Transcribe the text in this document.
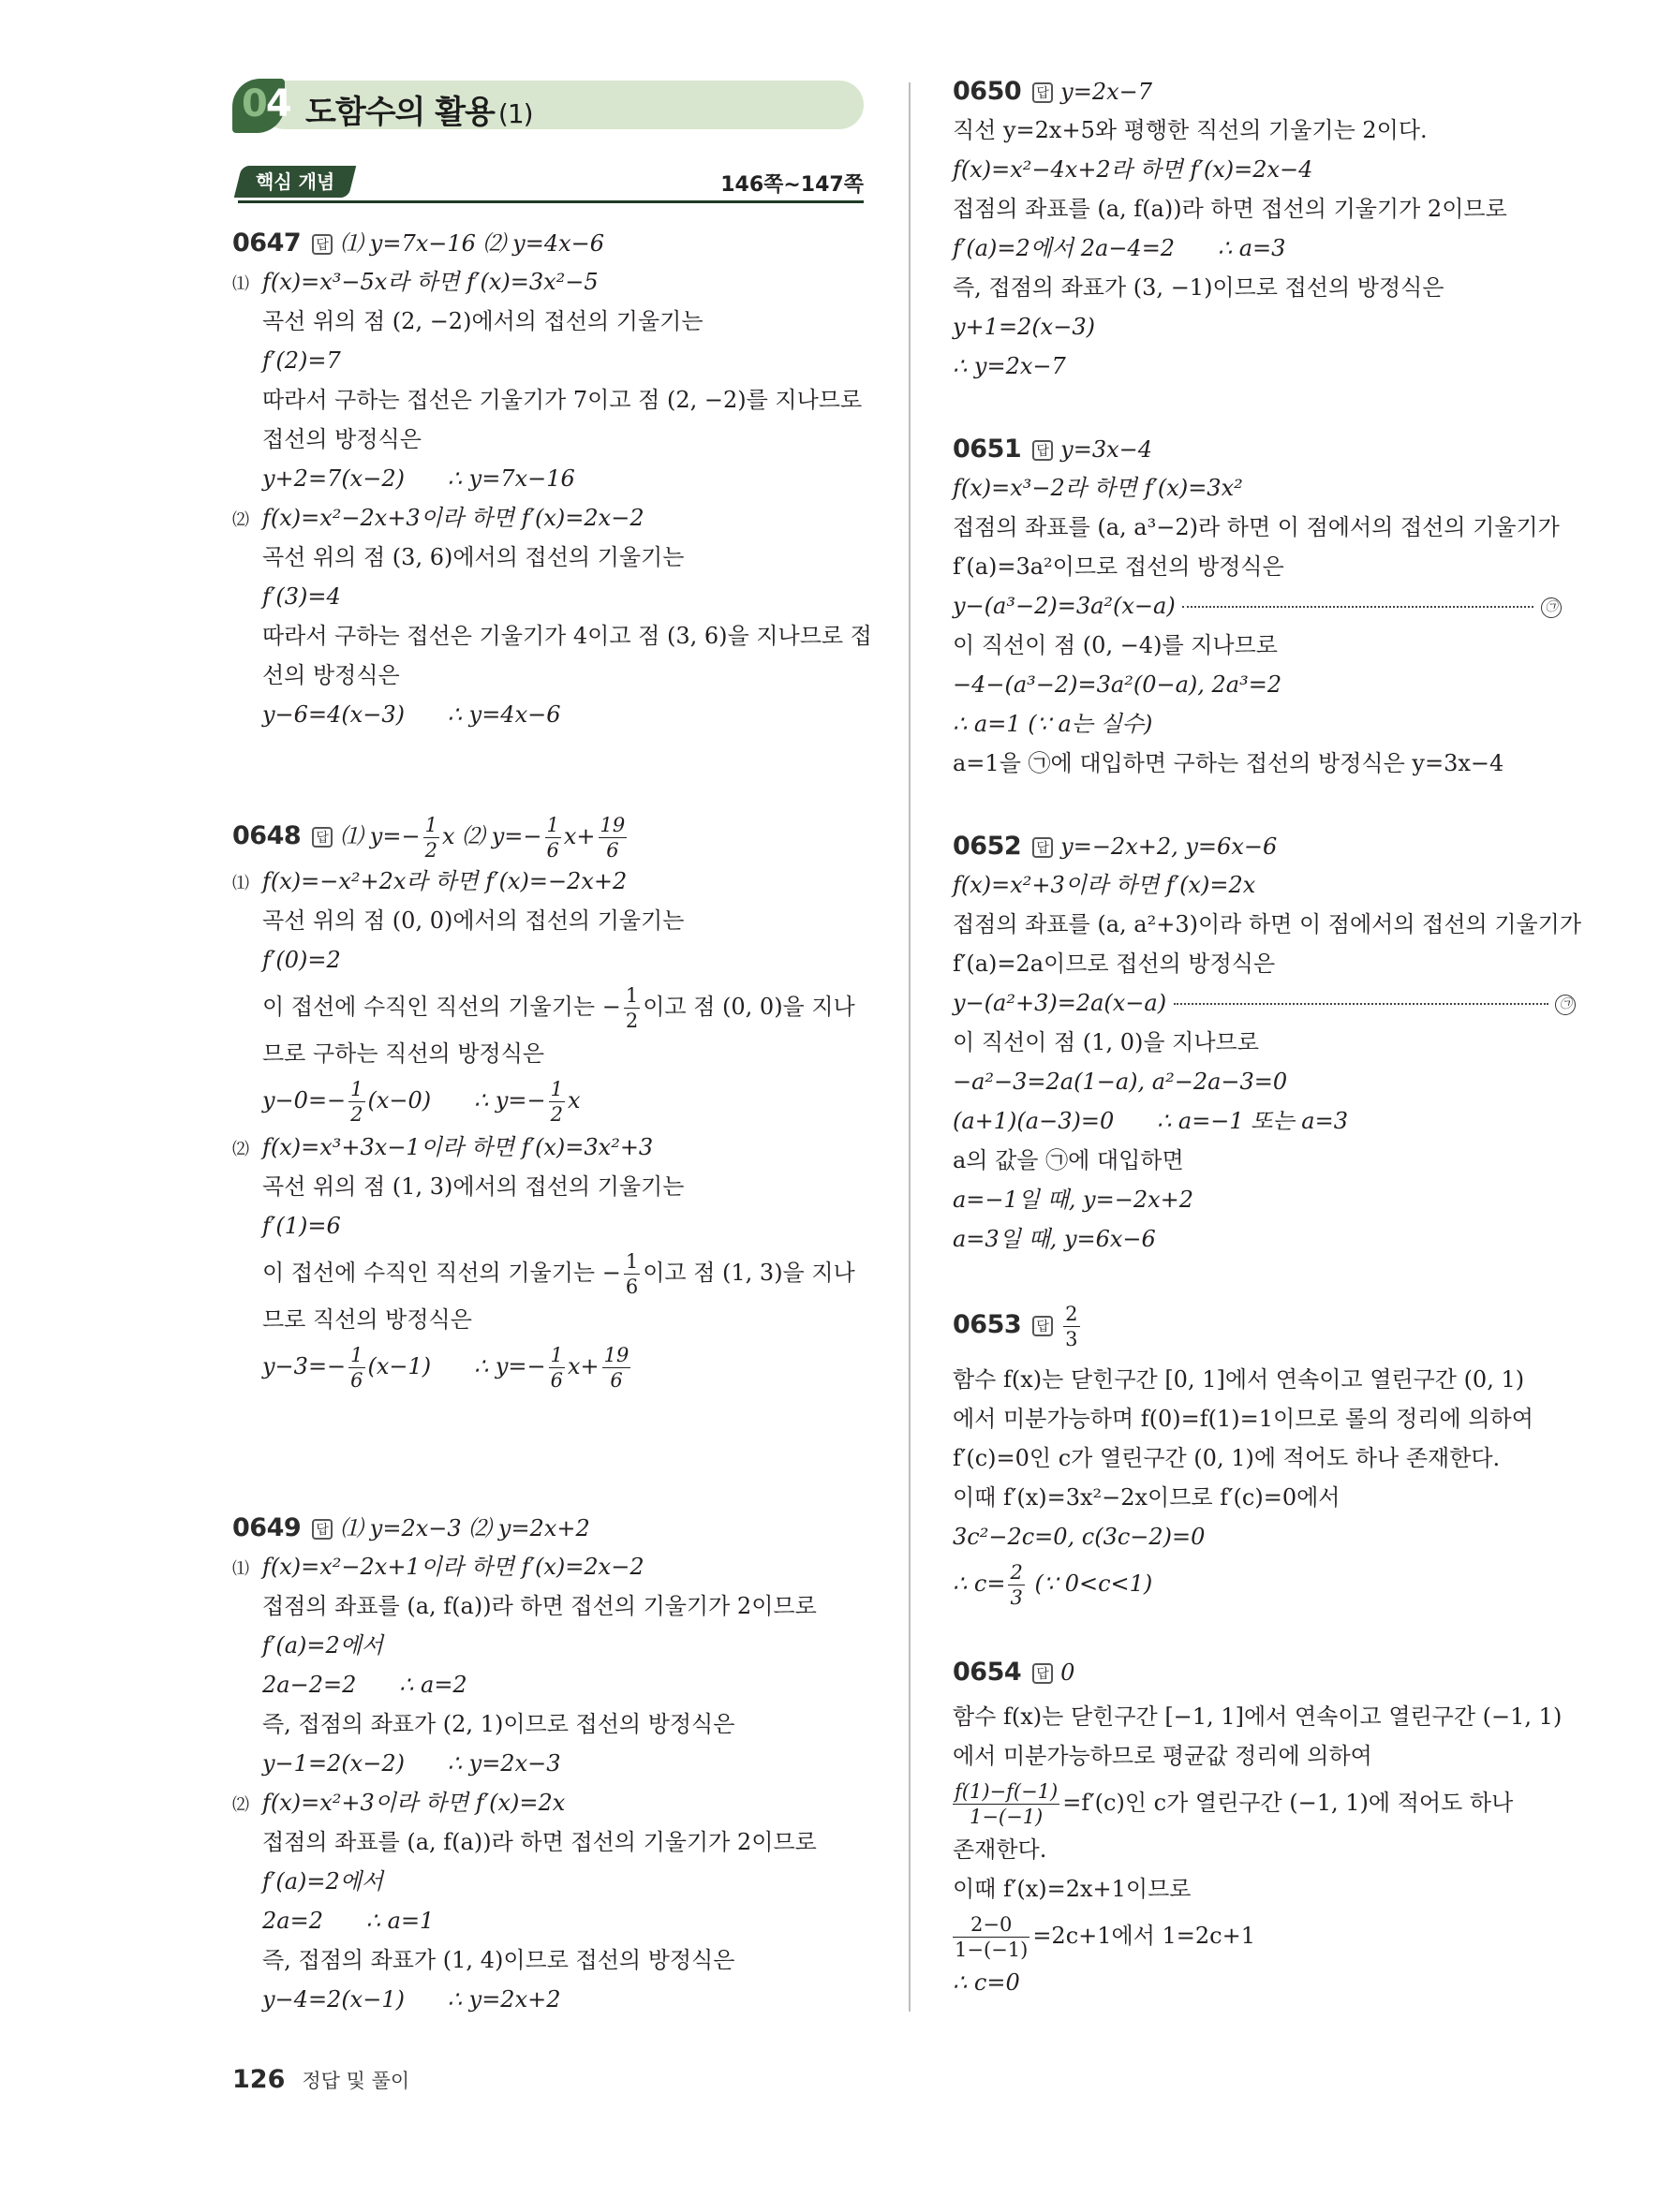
04 도함수의 활용 (1)
핵심 개념	146쪽∼147쪽
0647 답 ⑴ y=7x−16 ⑵ y=4x−6
⑴ f(x)=x³−5x라 하면 f′(x)=3x²−5
곡선 위의 점 (2, −2)에서의 접선의 기울기는
f′(2)=7
따라서 구하는 접선은 기울기가 7이고 점 (2, −2)를 지나므로
접선의 방정식은
y+2=7(x−2)      ∴ y=7x−16
⑵ f(x)=x²−2x+3이라 하면 f′(x)=2x−2
곡선 위의 점 (3, 6)에서의 접선의 기울기는
f′(3)=4
따라서 구하는 접선은 기울기가 4이고 점 (3, 6)을 지나므로 접
선의 방정식은
y−6=4(x−3)      ∴ y=4x−6
0648 답 ⑴ $y=- \frac{1}{2}$ x ⑵ $y=- \frac{1}{6} x+ \frac{19}{6}$
⑴ f(x)=−x²+2x라 하면 f′(x)=−2x+2
곡선 위의 점 (0, 0)에서의 접선의 기울기는
f′(0)=2
이 접선에 수직인 직선의 기울기는 − $\frac{1}{2}$ 이고 점 (0, 0)을 지나
므로 구하는 직선의 방정식은
$y-0=- \frac{1}{2} (x-0)$      ∴ $y=- \frac{1}{2}$ x
⑵ f(x)=x³+3x−1이라 하면 f′(x)=3x²+3
곡선 위의 점 (1, 3)에서의 접선의 기울기는
f′(1)=6
이 접선에 수직인 직선의 기울기는 − $\frac{1}{6}$ 이고 점 (1, 3)을 지나
므로 직선의 방정식은
$y-3=- \frac{1}{6} (x-1)$      ∴ $y=- \frac{1}{6} x+ \frac{19}{6}$
0649 답 ⑴ y=2x−3 ⑵ y=2x+2
⑴ f(x)=x²−2x+1이라 하면 f′(x)=2x−2
접점의 좌표를 (a, f(a))라 하면 접선의 기울기가 2이므로
f′(a)=2에서
2a−2=2      ∴ a=2
즉, 접점의 좌표가 (2, 1)이므로 접선의 방정식은
y−1=2(x−2)      ∴ y=2x−3
⑵ f(x)=x²+3이라 하면 f′(x)=2x
접점의 좌표를 (a, f(a))라 하면 접선의 기울기가 2이므로
f′(a)=2에서
2a=2      ∴ a=1
즉, 접점의 좌표가 (1, 4)이므로 접선의 방정식은
y−4=2(x−1)      ∴ y=2x+2
0650 답 y=2x−7
직선 y=2x+5와 평행한 직선의 기울기는 2이다.
f(x)=x²−4x+2라 하면 f′(x)=2x−4
접점의 좌표를 (a, f(a))라 하면 접선의 기울기가 2이므로
f′(a)=2에서 2a−4=2      ∴ a=3
즉, 접점의 좌표가 (3, −1)이므로 접선의 방정식은
y+1=2(x−3)
∴ y=2x−7
0651 답 y=3x−4
f(x)=x³−2라 하면 f′(x)=3x²
접점의 좌표를 (a, a³−2)라 하면 이 점에서의 접선의 기울기가
f′(a)=3a²이므로 접선의 방정식은
y−(a³−2)=3a²(x−a)	㉠
이 직선이 점 (0, −4)를 지나므로
−4−(a³−2)=3a²(0−a), 2a³=2
∴ a=1 (∵ a는 실수)
a=1을 ㉠에 대입하면 구하는 접선의 방정식은 y=3x−4
0652 답 y=−2x+2, y=6x−6
f(x)=x²+3이라 하면 f′(x)=2x
접점의 좌표를 (a, a²+3)이라 하면 이 점에서의 접선의 기울기가
f′(a)=2a이므로 접선의 방정식은
y−(a²+3)=2a(x−a)	㉠
이 직선이 점 (1, 0)을 지나므로
−a²−3=2a(1−a), a²−2a−3=0
(a+1)(a−3)=0      ∴ a=−1 또는 a=3
a의 값을 ㉠에 대입하면
a=−1일 때, y=−2x+2
a=3일 때, y=6x−6
0653 답 $\frac{2}{3}$
함수 f(x)는 닫힌구간 [0, 1]에서 연속이고 열린구간 (0, 1)
에서 미분가능하며 f(0)=f(1)=1이므로 롤의 정리에 의하여
f′(c)=0인 c가 열린구간 (0, 1)에 적어도 하나 존재한다.
이때 f′(x)=3x²−2x이므로 f′(c)=0에서
3c²−2c=0, c(3c−2)=0
∴ $c= \frac{2}{3}$ (∵ 0<c<1)
0654 답 0
함수 f(x)는 닫힌구간 [−1, 1]에서 연속이고 열린구간 (−1, 1)
에서 미분가능하므로 평균값 정리에 의하여
$\frac{f(1)-f(-1)}{1-(-1)} =f'(c)$인 c가 열린구간 (−1, 1)에 적어도 하나
존재한다.
이때 f′(x)=2x+1이므로
$\frac{2-0}{1-(-1)} =2c+1$에서 1=2c+1
∴ c=0
126 정답 및 풀이
